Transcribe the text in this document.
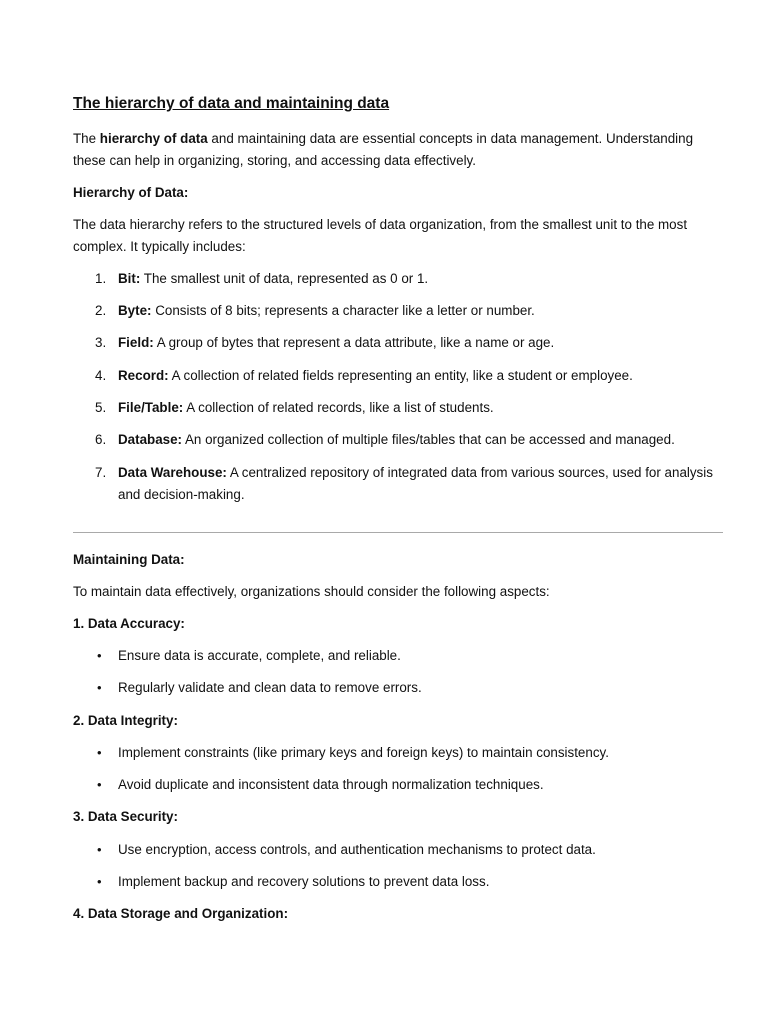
The hierarchy of data and maintaining data

The hierarchy of data and maintaining data are essential concepts in data management. Understanding these can help in organizing, storing, and accessing data effectively.

Hierarchy of Data:

The data hierarchy refers to the structured levels of data organization, from the smallest unit to the most complex. It typically includes:

1. Bit: The smallest unit of data, represented as 0 or 1.
2. Byte: Consists of 8 bits; represents a character like a letter or number.
3. Field: A group of bytes that represent a data attribute, like a name or age.
4. Record: A collection of related fields representing an entity, like a student or employee.
5. File/Table: A collection of related records, like a list of students.
6. Database: An organized collection of multiple files/tables that can be accessed and managed.
7. Data Warehouse: A centralized repository of integrated data from various sources, used for analysis and decision-making.

Maintaining Data:

To maintain data effectively, organizations should consider the following aspects:

1. Data Accuracy:

• Ensure data is accurate, complete, and reliable.
• Regularly validate and clean data to remove errors.

2. Data Integrity:

• Implement constraints (like primary keys and foreign keys) to maintain consistency.
• Avoid duplicate and inconsistent data through normalization techniques.

3. Data Security:

• Use encryption, access controls, and authentication mechanisms to protect data.
• Implement backup and recovery solutions to prevent data loss.

4. Data Storage and Organization:
